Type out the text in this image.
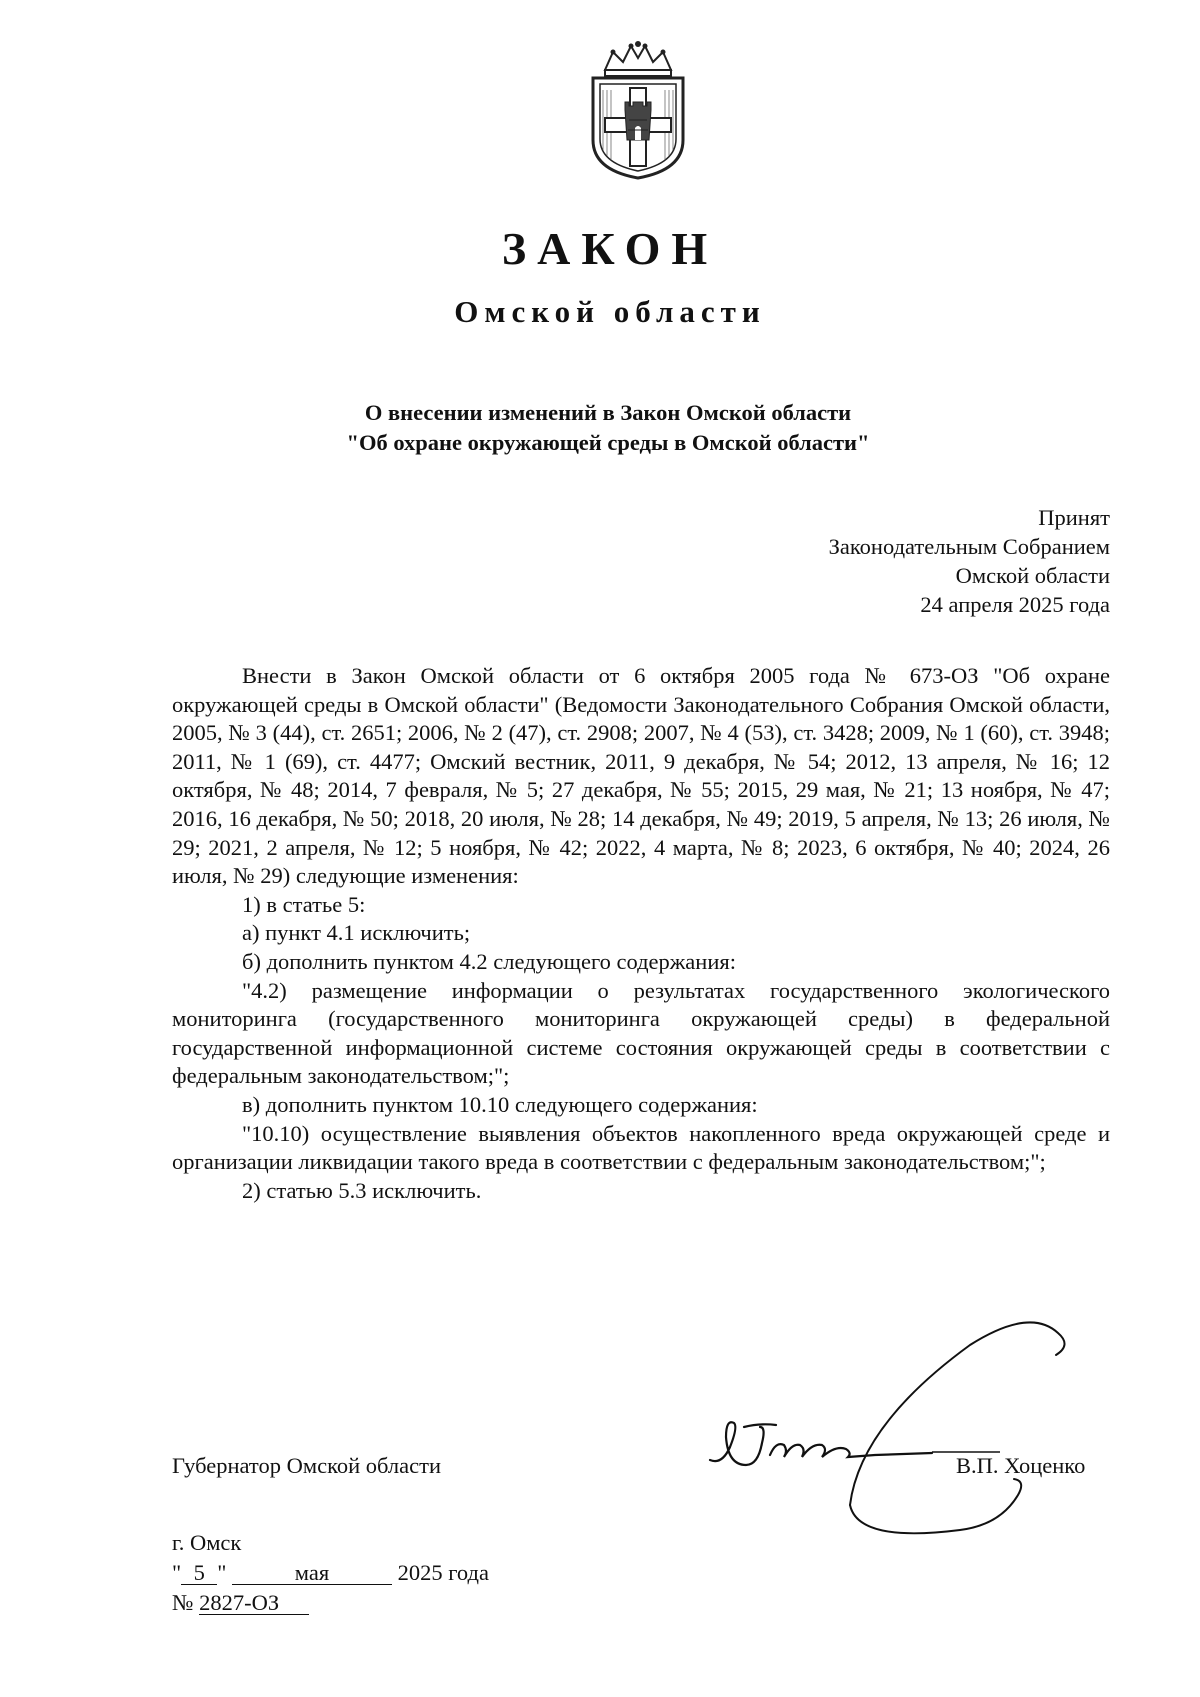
ЗАКОН
Омской области
О внесении изменений в Закон Омской области
"Об охране окружающей среды в Омской области"
Принят
Законодательным Собранием
Омской области
24 апреля 2025 года

Внести в Закон Омской области от 6 октября 2005 года № 673-ОЗ "Об охране окружающей среды в Омской области" (Ведомости Законодательного Собрания Омской области, 2005, № 3 (44), ст. 2651; 2006, № 2 (47), ст. 2908; 2007, № 4 (53), ст. 3428; 2009, № 1 (60), ст. 3948; 2011, № 1 (69), ст. 4477; Омский вестник, 2011, 9 декабря, № 54; 2012, 13 апреля, № 16; 12 октября, № 48; 2014, 7 февраля, № 5; 27 декабря, № 55; 2015, 29 мая, № 21; 13 ноября, № 47; 2016, 16 декабря, № 50; 2018, 20 июля, № 28; 14 декабря, № 49; 2019, 5 апреля, № 13; 26 июля, № 29; 2021, 2 апреля, № 12; 5 ноября, № 42; 2022, 4 марта, № 8; 2023, 6 октября, № 40; 2024, 26 июля, № 29) следующие изменения:

1) в статье 5:

а) пункт 4.1 исключить;

б) дополнить пунктом 4.2 следующего содержания:

"4.2) размещение информации о результатах государственного экологического мониторинга (государственного мониторинга окружающей среды) в федеральной государственной информационной системе состояния окружающей среды в соответствии с федеральным законодательством;";

в) дополнить пунктом 10.10 следующего содержания:

"10.10) осуществление выявления объектов накопленного вреда окружающей среде и организации ликвидации такого вреда в соответствии с федеральным законодательством;";

2) статью 5.3 исключить.

Губернатор Омской области	В.П. Хоценко
г. Омск
" 5 "	мая	2025 года
№ 2827-ОЗ
